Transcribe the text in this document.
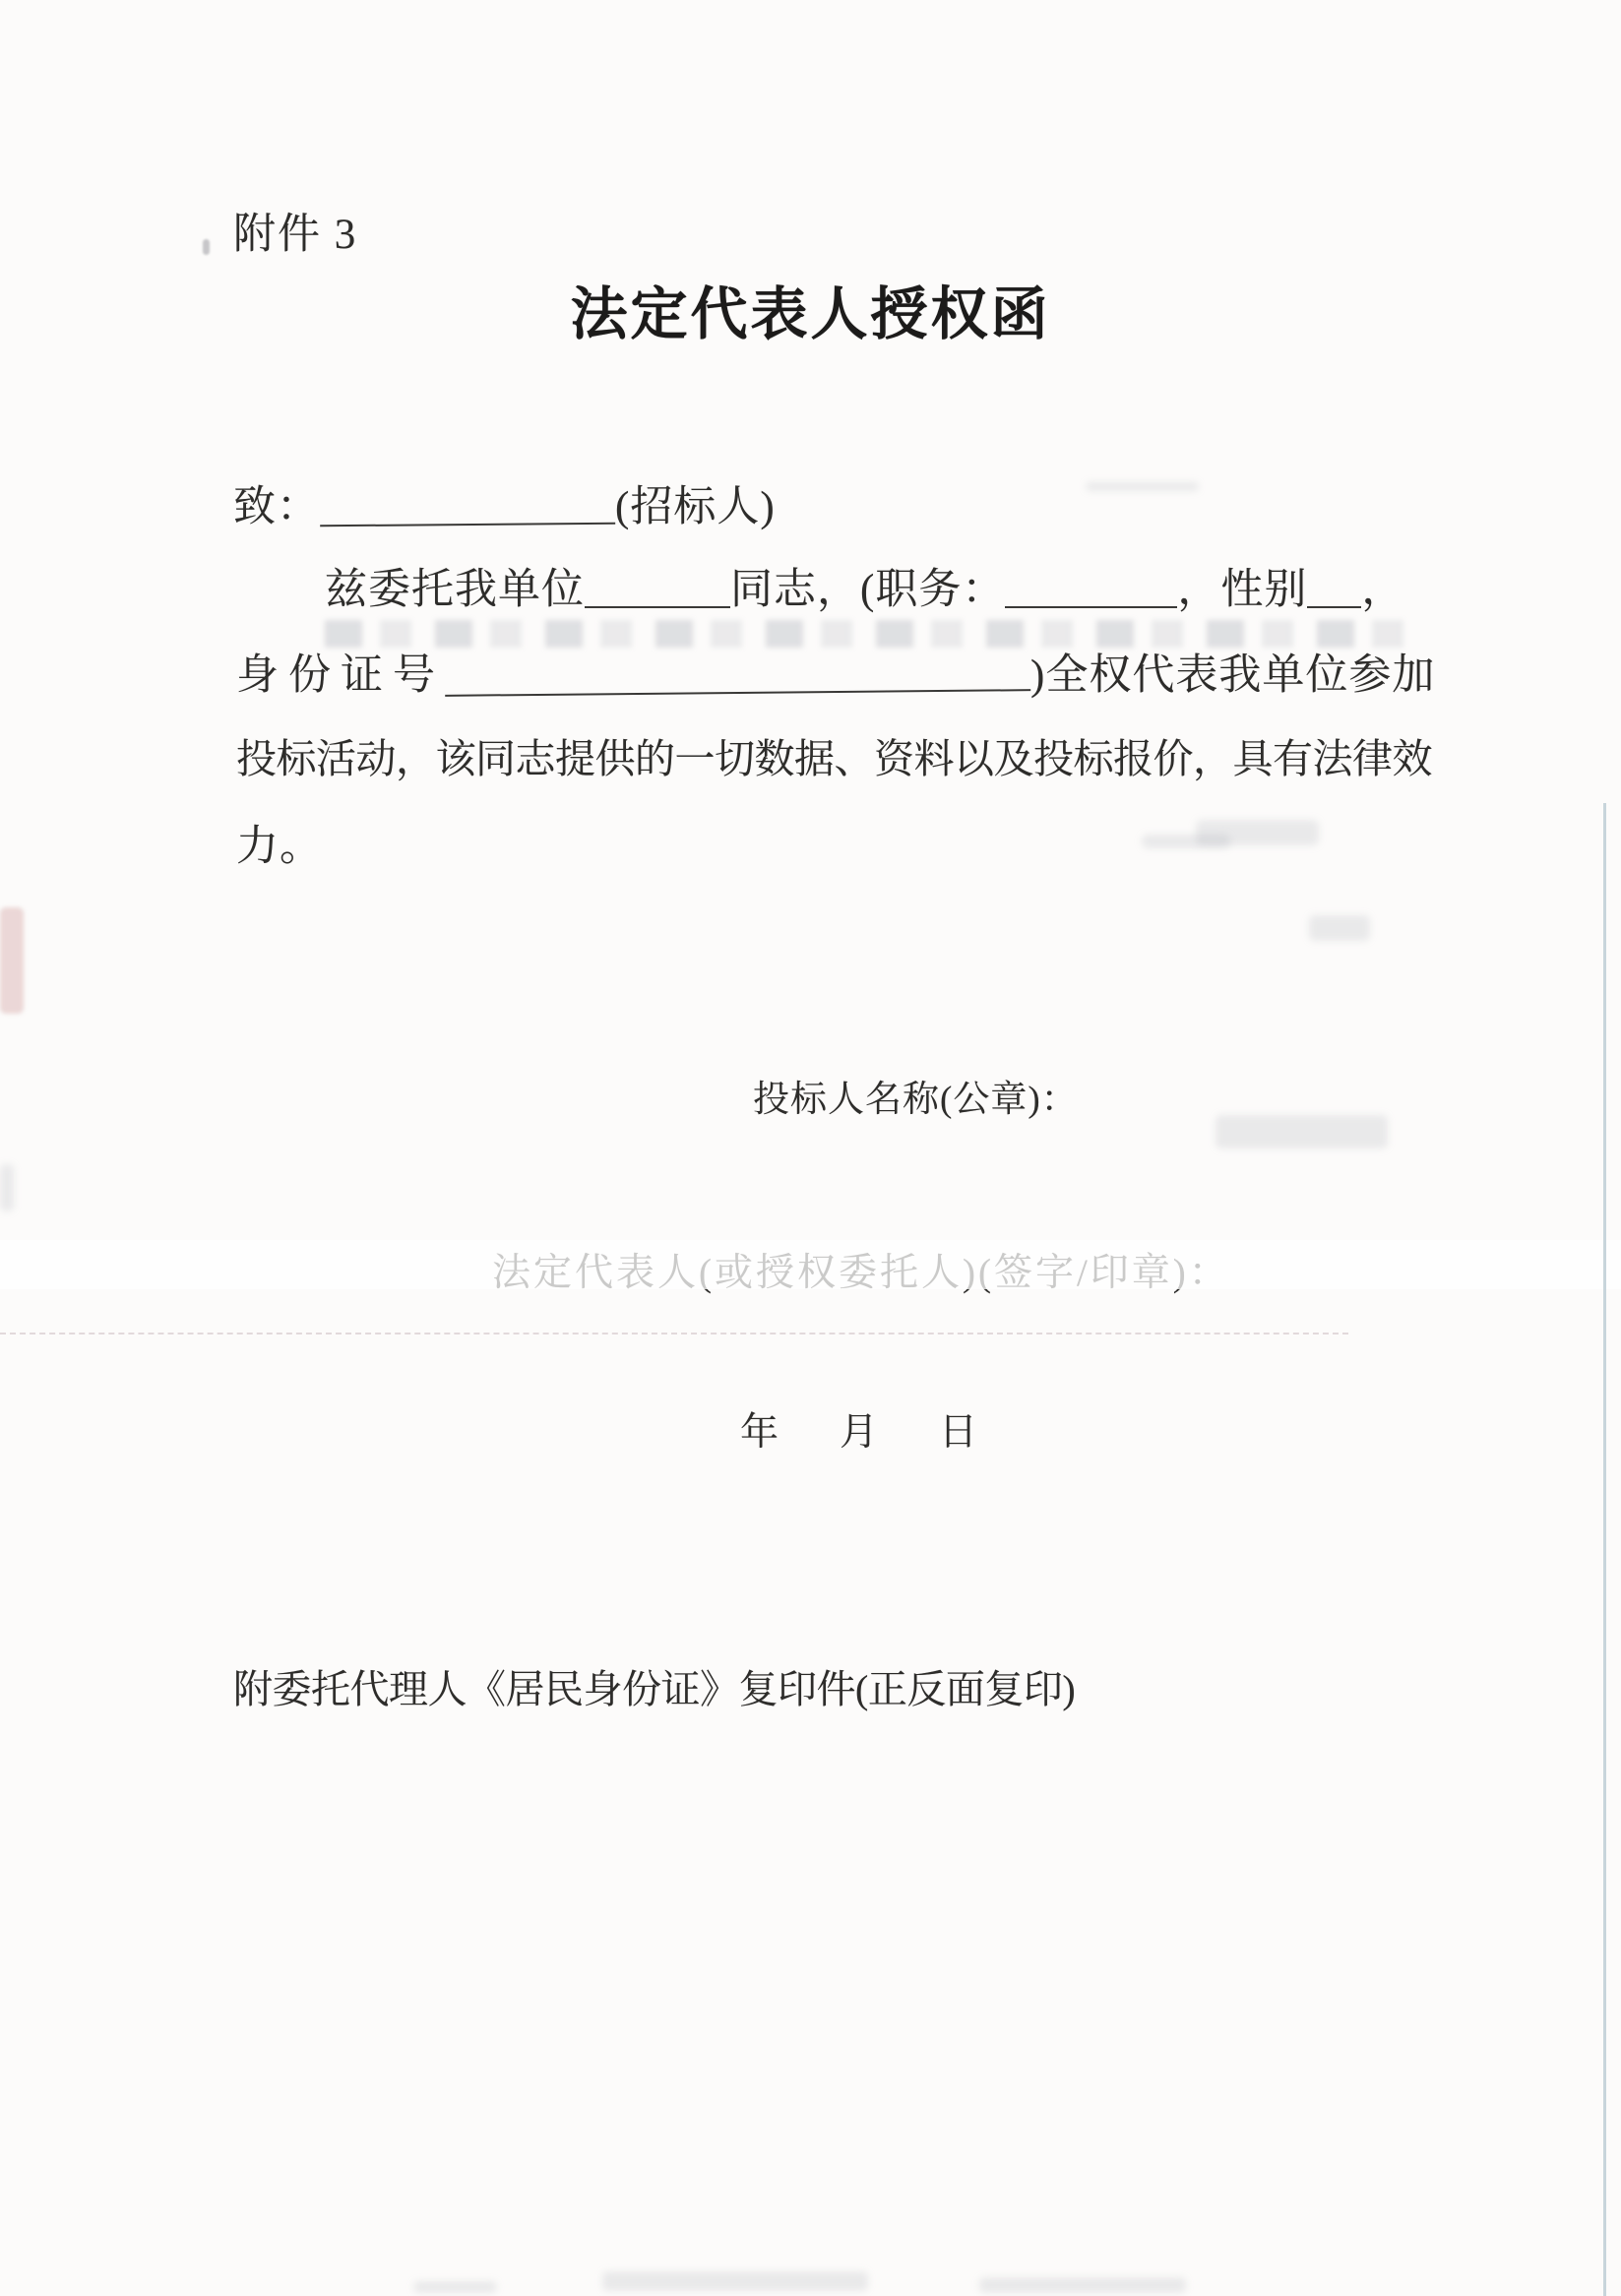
附件 3
法定代表人授权函
致：	(招标人)
兹委托我单位	同志，(职务：	，性别 ，
身份证号	)全权代表我单位参加
投标活动，该同志提供的一切数据、资料以及投标报价，具有法律效
力。
投标人名称(公章)：
年 月 日
附委托代理人《居民身份证》复印件(正反面复印)
